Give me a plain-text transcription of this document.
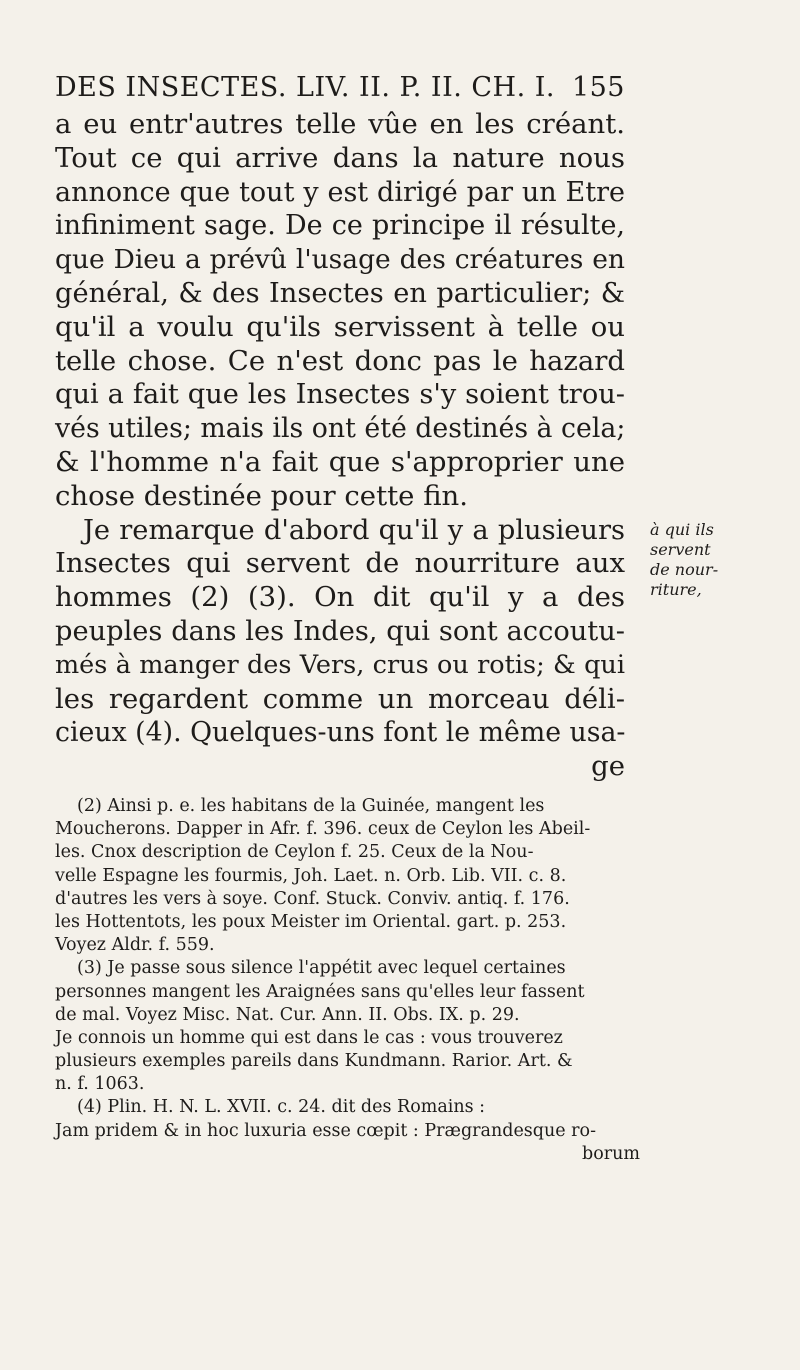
DES INSECTES. LIV. II. P. II. CH. I. 155
a eu entr'autres telle vûe en les créant.
Tout ce qui arrive dans la nature nous
annonce que tout y est dirigé par un Etre
infiniment sage. De ce principe il résulte,
que Dieu a prévû l'usage des créatures en
général, & des Insectes en particulier; &
qu'il a voulu qu'ils servissent à telle ou
telle chose. Ce n'est donc pas le hazard
qui a fait que les Insectes s'y soient trou-
vés utiles; mais ils ont été destinés à cela;
& l'homme n'a fait que s'approprier une
chose destinée pour cette fin.
Je remarque d'abord qu'il y a plusieurs
Insectes qui servent de nourriture aux
hommes (2) (3). On dit qu'il y a des
peuples dans les Indes, qui sont accoutu-
més à manger des Vers, crus ou rotis; & qui
les regardent comme un morceau déli-
cieux (4). Quelques-uns font le même usa-
ge
à qui ils
servent
de nour-
riture,
(2) Ainsi p. e. les habitans de la Guinée, mangent les
Moucherons. Dapper in Afr. f. 396. ceux de Ceylon les Abeil-
les. Cnox description de Ceylon f. 25. Ceux de la Nou-
velle Espagne les fourmis, Joh. Laet. n. Orb. Lib. VII. c. 8.
d'autres les vers à soye. Conf. Stuck. Conviv. antiq. f. 176.
les Hottentots, les poux Meister im Oriental. gart. p. 253.
Voyez Aldr. f. 559.
(3) Je passe sous silence l'appétit avec lequel certaines
personnes mangent les Araignées sans qu'elles leur fassent
de mal. Voyez Misc. Nat. Cur. Ann. II. Obs. IX. p. 29.
Je connois un homme qui est dans le cas : vous trouverez
plusieurs exemples pareils dans Kundmann. Rarior. Art. &
n. f. 1063.
(4) Plin. H. N. L. XVII. c. 24. dit des Romains :
Jam pridem & in hoc luxuria esse cœpit : Prægrandesque ro-
borum
